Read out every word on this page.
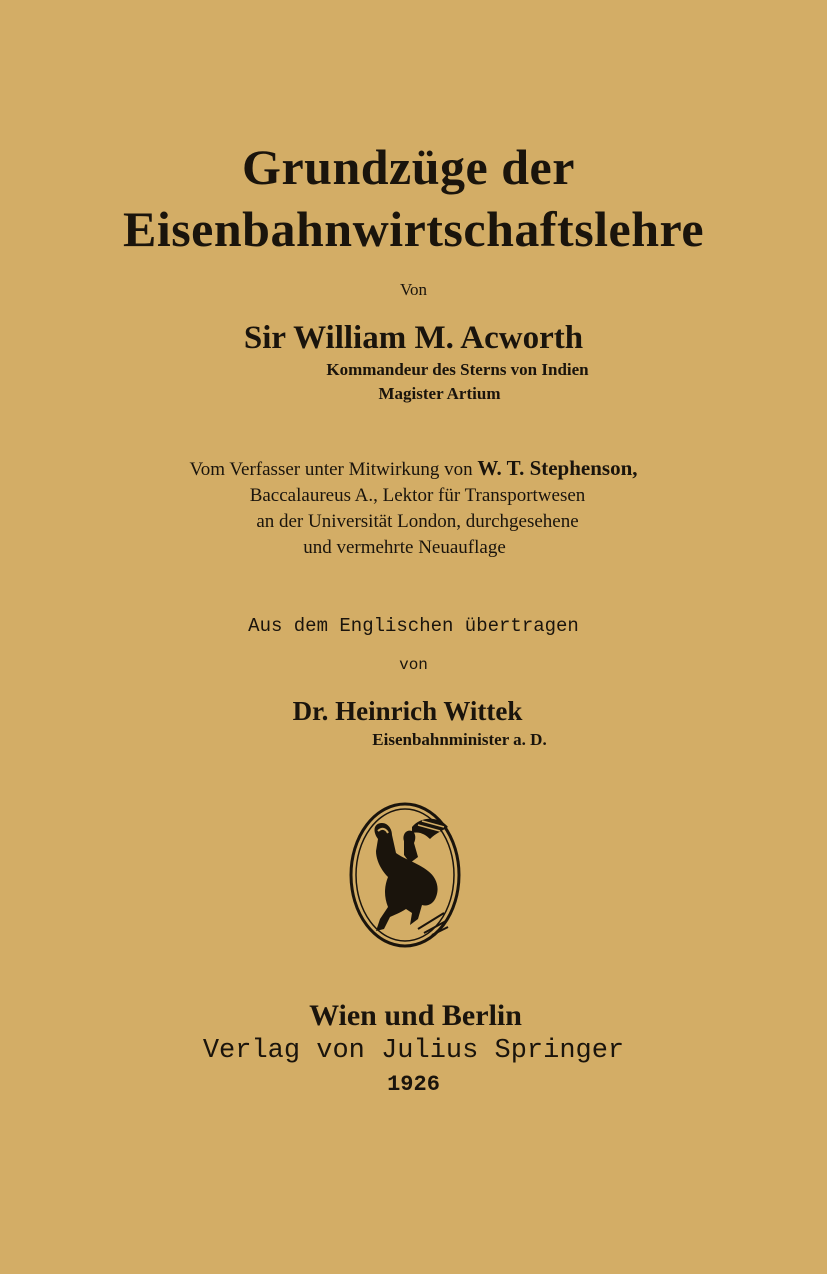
Grundzüge der
Eisenbahnwirtschaftslehre
Von
Sir William M. Acworth
Kommandeur des Sterns von Indien
Magister Artium
Vom Verfasser unter Mitwirkung von W. T. Stephenson,
Baccalaureus A., Lektor für Transportwesen
an der Universität London, durchgesehene
und vermehrte Neuauflage
Aus dem Englischen übertragen
von
Dr. Heinrich Wittek
Eisenbahnminister a. D.
Wien und Berlin
Verlag von Julius Springer
1926
